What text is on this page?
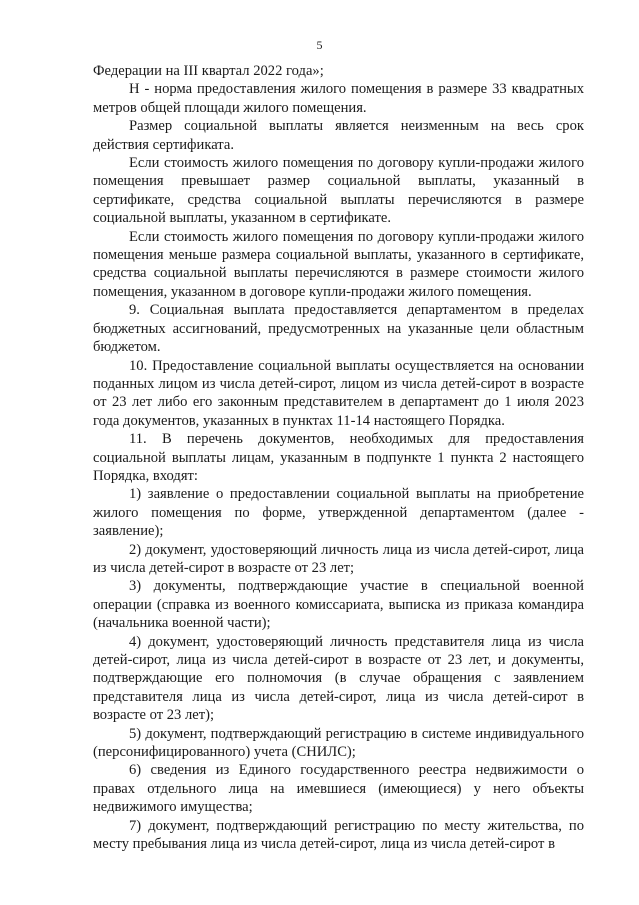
5

Федерации на III квартал 2022 года»;

Н - норма предоставления жилого помещения в размере 33 квадратных метров общей площади жилого помещения.

Размер социальной выплаты является неизменным на весь срок действия сертификата.

Если стоимость жилого помещения по договору купли-продажи жилого помещения превышает размер социальной выплаты, указанный в сертификате, средства социальной выплаты перечисляются в размере социальной выплаты, указанном в сертификате.

Если стоимость жилого помещения по договору купли-продажи жилого помещения меньше размера социальной выплаты, указанного в сертификате, средства социальной выплаты перечисляются в размере стоимости жилого помещения, указанном в договоре купли-продажи жилого помещения.

9. Социальная выплата предоставляется департаментом в пределах бюджетных ассигнований, предусмотренных на указанные цели областным бюджетом.

10. Предоставление социальной выплаты осуществляется на основании поданных лицом из числа детей-сирот, лицом из числа детей-сирот в возрасте от 23 лет либо его законным представителем в департамент до 1 июля 2023 года документов, указанных в пунктах 11-14 настоящего Порядка.

11. В перечень документов, необходимых для предоставления социальной выплаты лицам, указанным в подпункте 1 пункта 2 настоящего Порядка, входят:

1) заявление о предоставлении социальной выплаты на приобретение жилого помещения по форме, утвержденной департаментом (далее - заявление);

2) документ, удостоверяющий личность лица из числа детей-сирот, лица из числа детей-сирот в возрасте от 23 лет;

3) документы, подтверждающие участие в специальной военной операции (справка из военного комиссариата, выписка из приказа командира (начальника военной части);

4) документ, удостоверяющий личность представителя лица из числа детей-сирот, лица из числа детей-сирот в возрасте от 23 лет, и документы, подтверждающие его полномочия (в случае обращения с заявлением представителя лица из числа детей-сирот, лица из числа детей-сирот в возрасте от 23 лет);

5) документ, подтверждающий регистрацию в системе индивидуального (персонифицированного) учета (СНИЛС);

6) сведения из Единого государственного реестра недвижимости о правах отдельного лица на имевшиеся (имеющиеся) у него объекты недвижимого имущества;

7) документ, подтверждающий регистрацию по месту жительства, по месту пребывания лица из числа детей-сирот, лица из числа детей-сирот в
